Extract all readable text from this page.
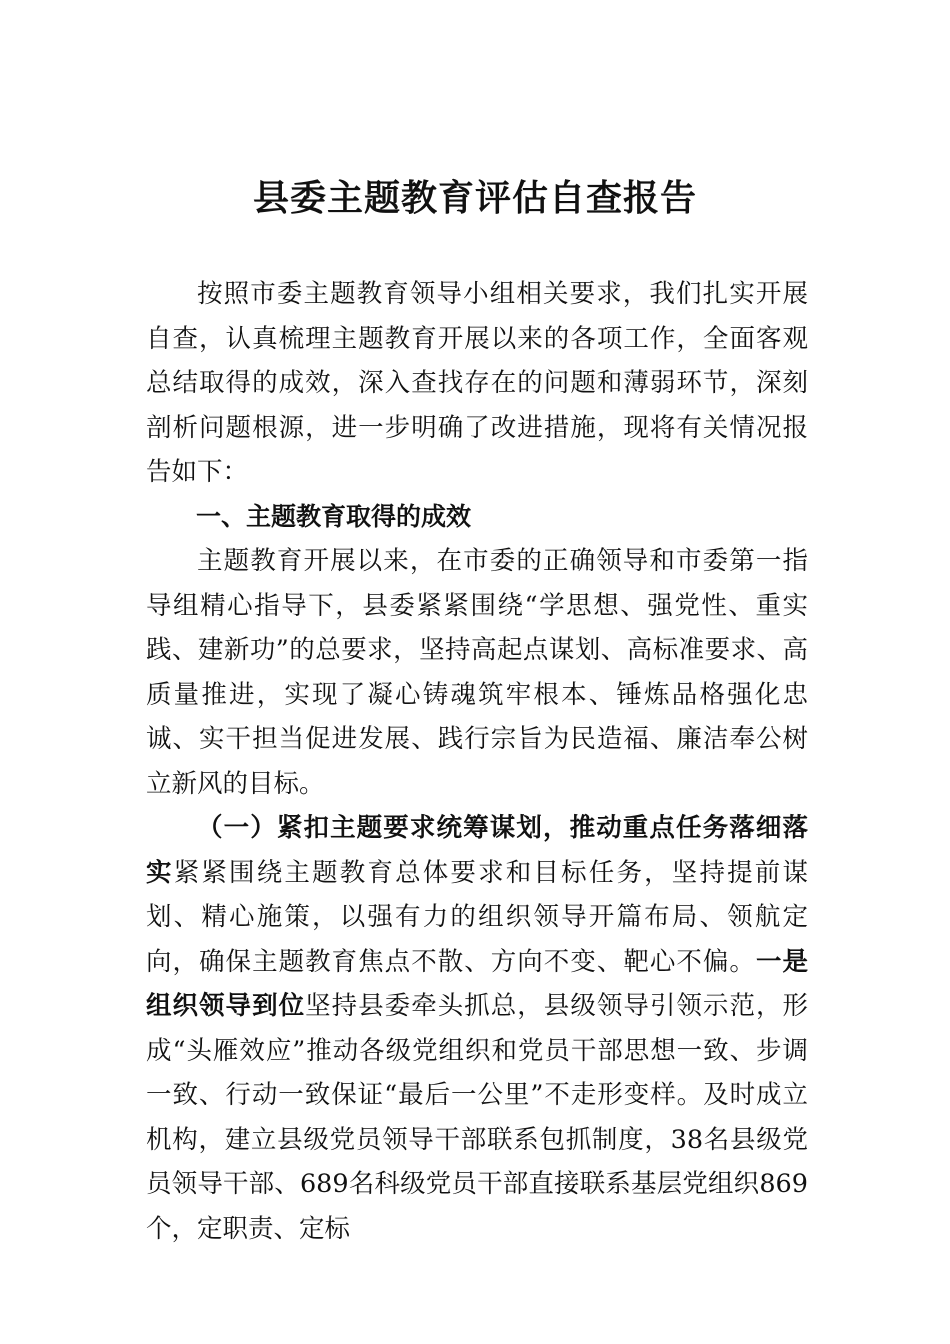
县委主题教育评估自查报告

按照市委主题教育领导小组相关要求，我们扎实开展自查，认真梳理主题教育开展以来的各项工作，全面客观总结取得的成效，深入查找存在的问题和薄弱环节，深刻剖析问题根源，进一步明确了改进措施，现将有关情况报告如下：

一、主题教育取得的成效

主题教育开展以来，在市委的正确领导和市委第一指导组精心指导下，县委紧紧围绕“学思想、强党性、重实践、建新功”的总要求，坚持高起点谋划、高标准要求、高质量推进，实现了凝心铸魂筑牢根本、锤炼品格强化忠诚、实干担当促进发展、践行宗旨为民造福、廉洁奉公树立新风的目标。

（一）紧扣主题要求统筹谋划，推动重点任务落细落实紧紧围绕主题教育总体要求和目标任务，坚持提前谋划、精心施策，以强有力的组织领导开篇布局、领航定向，确保主题教育焦点不散、方向不变、靶心不偏。一是组织领导到位坚持县委牵头抓总，县级领导引领示范，形成“头雁效应”推动各级党组织和党员干部思想一致、步调一致、行动一致保证“最后一公里”不走形变样。及时成立机构，建立县级党员领导干部联系包抓制度，38名县级党员领导干部、689名科级党员干部直接联系基层党组织869个，定职责、定标
